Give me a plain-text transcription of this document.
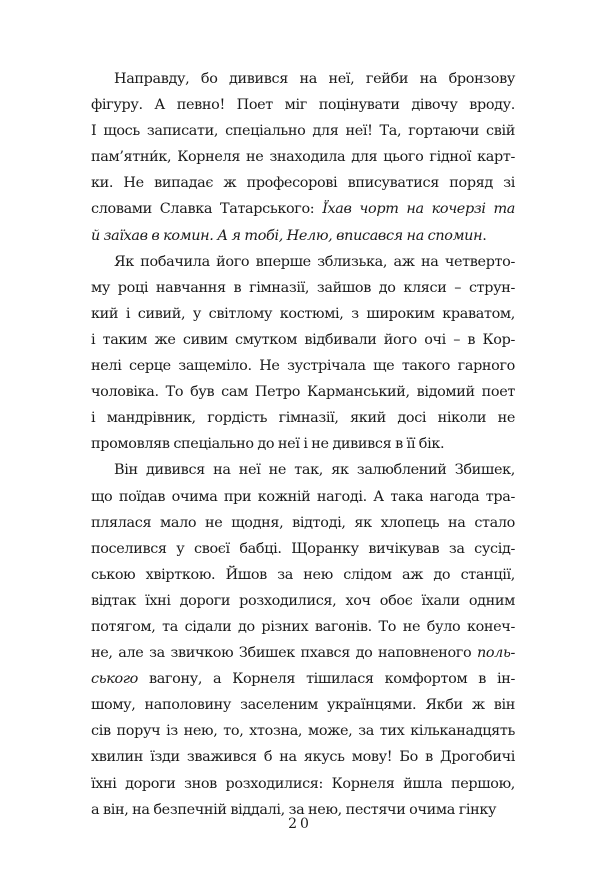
Направду, бо дивився на неї, гейби на бронзову
фігуру. А певно! Поет міг поцінувати дівочу вроду.
І щось записати, спеціально для неї! Та, гортаючи свій
пам’ятни́к, Корнеля не знаходила для цього гідної карт-
ки. Не випадає ж професорові вписуватися поряд зі
словами Славка Татарського: Їхав чорт на кочерзі та
й заїхав в комин. А я тобі, Нелю, вписався на спомин.
Як побачила його вперше зблизька, аж на четверто-
му році навчання в гімназії, зайшов до кляси – струн-
кий і сивий, у світлому костюмі, з широким краватом,
і таким же сивим смутком відбивали його очі – в Кор-
нелі серце защеміло. Не зустрічала ще такого гарного
чоловіка. То був сам Петро Карманський, відомий поет
і мандрівник, гордість гімназії, який досі ніколи не
промовляв спеціально до неї і не дивився в її бік.
Він дивився на неї не так, як залюблений Збишек,
що поїдав очима при кожній нагоді. А така нагода тра-
плялася мало не щодня, відтоді, як хлопець на стало
поселився у своєї бабці. Щоранку вичікував за сусід-
ською хвірткою. Йшов за нею слідом аж до станції,
відтак їхні дороги розходилися, хоч обоє їхали одним
потягом, та сідали до різних вагонів. То не було конеч-
не, але за звичкою Збишек пхався до наповненого поль-
ського вагону, а Корнеля тішилася комфортом в ін-
шому, наполовину заселеним українцями. Якби ж він
сів поруч із нею, то, хтозна, може, за тих кільканадцять
хвилин їзди зважився б на якусь мову! Бо в Дрогобичі
їхні дороги знов розходилися: Корнеля йшла першою,
а він, на безпечній віддалі, за нею, пестячи очима гінку
20
